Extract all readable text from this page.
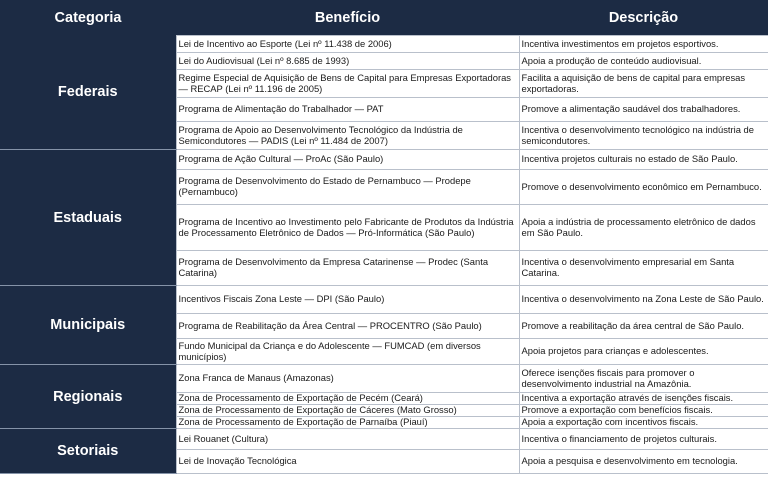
Categoria	Benefício	Descrição
Federais	Lei de Incentivo ao Esporte (Lei nº 11.438 de 2006)	Incentiva investimentos em projetos esportivos.
	Lei do Audiovisual (Lei nº 8.685 de 1993)	Apoia a produção de conteúdo audiovisual.
	Regime Especial de Aquisição de Bens de Capital para Empresas Exportadoras — RECAP (Lei nº 11.196 de 2005)	Facilita a aquisição de bens de capital para empresas exportadoras.
	Programa de Alimentação do Trabalhador — PAT	Promove a alimentação saudável dos trabalhadores.
	Programa de Apoio ao Desenvolvimento Tecnológico da Indústria de Semicondutores — PADIS (Lei nº 11.484 de 2007)	Incentiva o desenvolvimento tecnológico na indústria de semicondutores.
Estaduais	Programa de Ação Cultural — ProAc (São Paulo)	Incentiva projetos culturais no estado de São Paulo.
	Programa de Desenvolvimento do Estado de Pernambuco — Prodepe (Pernambuco)	Promove o desenvolvimento econômico em Pernambuco.
	Programa de Incentivo ao Investimento pelo Fabricante de Produtos da Indústria de Processamento Eletrônico de Dados — Pró-Informática (São Paulo)	Apoia a indústria de processamento eletrônico de dados em São Paulo.
	Programa de Desenvolvimento da Empresa Catarinense — Prodec (Santa Catarina)	Incentiva o desenvolvimento empresarial em Santa Catarina.
Municipais	Incentivos Fiscais Zona Leste — DPI (São Paulo)	Incentiva o desenvolvimento na Zona Leste de São Paulo.
	Programa de Reabilitação da Área Central — PROCENTRO (São Paulo)	Promove a reabilitação da área central de São Paulo.
	Fundo Municipal da Criança e do Adolescente — FUMCAD (em diversos municípios)	Apoia projetos para crianças e adolescentes.
Regionais	Zona Franca de Manaus (Amazonas)	Oferece isenções fiscais para promover o desenvolvimento industrial na Amazônia.
	Zona de Processamento de Exportação de Pecém (Ceará)	Incentiva a exportação através de isenções fiscais.
	Zona de Processamento de Exportação de Cáceres (Mato Grosso)	Promove a exportação com benefícios fiscais.
	Zona de Processamento de Exportação de Parnaíba (Piauí)	Apoia a exportação com incentivos fiscais.
Setoriais	Lei Rouanet (Cultura)	Incentiva o financiamento de projetos culturais.
	Lei de Inovação Tecnológica	Apoia a pesquisa e desenvolvimento em tecnologia.
